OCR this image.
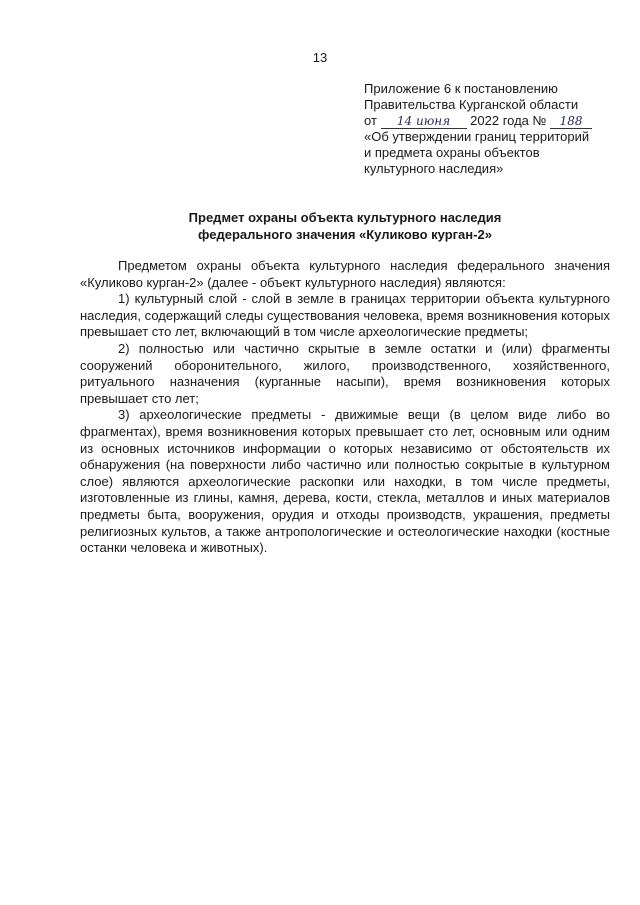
13
Приложение 6 к постановлению
Правительства Курганской области
от 14 июня 2022 года № 188
«Об утверждении границ территорий
и предмета охраны объектов
культурного наследия»
Предмет охраны объекта культурного наследия
федерального значения «Куликово курган-2»

Предметом охраны объекта культурного наследия федерального значения «Куликово курган-2» (далее - объект культурного наследия) являются:

1) культурный слой - слой в земле в границах территории объекта культурного наследия, содержащий следы существования человека, время возникновения которых превышает сто лет, включающий в том числе археологические предметы;

2) полностью или частично скрытые в земле остатки и (или) фрагменты сооружений оборонительного, жилого, производственного, хозяйственного, ритуального назначения (курганные насыпи), время возникновения которых превышает сто лет;

3) археологические предметы - движимые вещи (в целом виде либо во фрагментах), время возникновения которых превышает сто лет, основным или одним из основных источников информации о которых независимо от обстоятельств их обнаружения (на поверхности либо частично или полностью сокрытые в культурном слое) являются археологические раскопки или находки, в том числе предметы, изготовленные из глины, камня, дерева, кости, стекла, металлов и иных материалов предметы быта, вооружения, орудия и отходы производств, украшения, предметы религиозных культов, а также антропологические и остеологические находки (костные останки человека и животных).
